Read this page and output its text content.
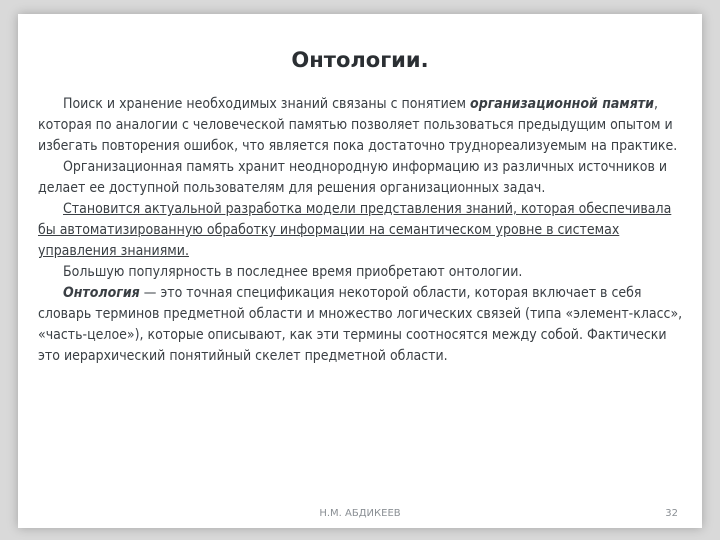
Онтологии.

Поиск и хранение необходимых знаний связаны с понятием организационной памяти, которая по аналогии с человеческой памятью позволяет пользоваться предыдущим опытом и избегать повторения ошибок, что является пока достаточно труднореализуемым на практике.

Организационная память хранит неоднородную информацию из различных источников и делает ее доступной пользователям для решения организационных задач.

Становится актуальной разработка модели представления знаний, которая обеспечивала бы автоматизированную обработку информации на семантическом уровне в системах управления знаниями.

Большую популярность в последнее время приобретают онтологии.

Онтология — это точная спецификация некоторой области, которая включает в себя словарь терминов предметной области и множество логических связей (типа «элемент-класс», «часть-целое»), которые описывают, как эти термины соотносятся между собой. Фактически это иерархический понятийный скелет предметной области.

Н.М. АБДИКЕЕВ	32
